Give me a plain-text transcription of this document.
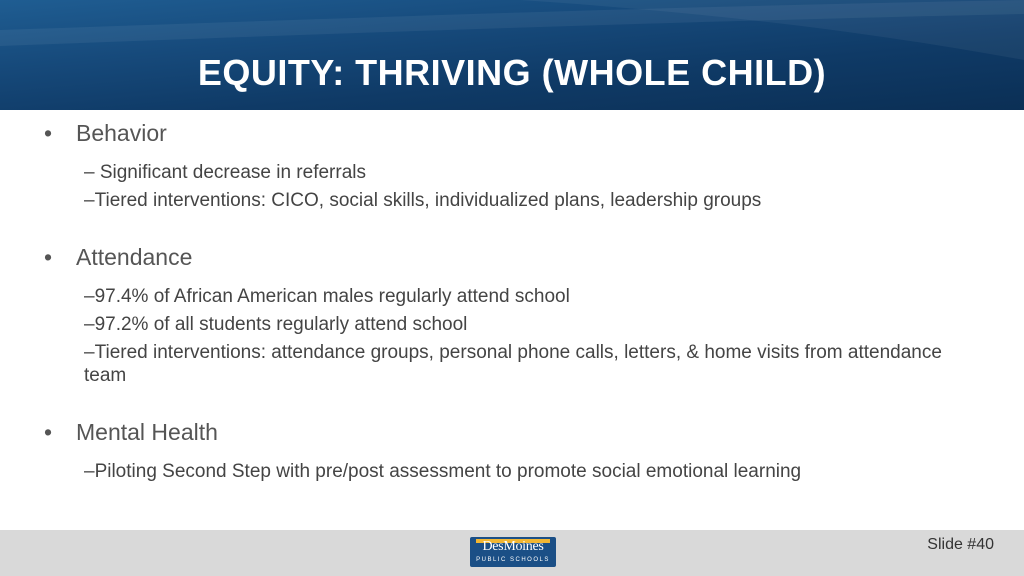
EQUITY: THRIVING (WHOLE CHILD)
• Behavior
– Significant decrease in referrals
–Tiered interventions: CICO, social skills, individualized plans, leadership groups
• Attendance
–97.4% of African American males regularly attend school
–97.2% of all students regularly attend school
–Tiered interventions: attendance groups, personal phone calls, letters, & home visits from attendance team
• Mental Health
–Piloting Second Step with pre/post assessment to promote social emotional learning
DesMoines
PUBLIC SCHOOLS
Slide #40
